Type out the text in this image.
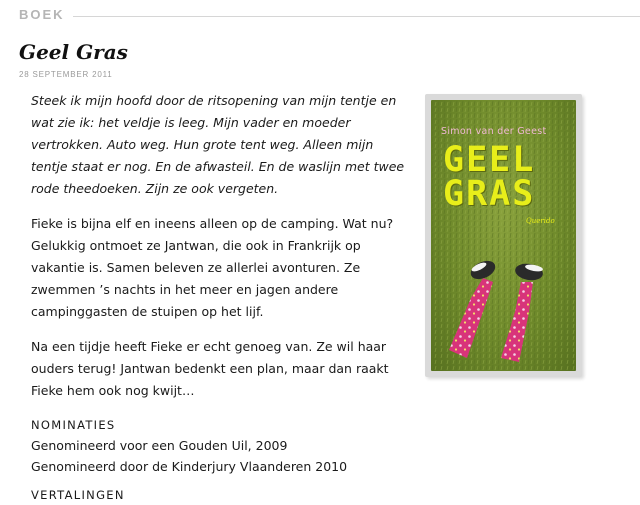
BOEK
Geel Gras
28 SEPTEMBER 2011

Steek ik mijn hoofd door de ritsopening van mijn tentje en wat zie ik: het veldje is leeg. Mijn vader en moeder vertrokken. Auto weg. Hun grote tent weg. Alleen mijn tentje staat er nog. En de afwasteil. En de waslijn met twee rode theedoeken. Zijn ze ook vergeten.

Fieke is bijna elf en ineens alleen op de camping. Wat nu? Gelukkig ontmoet ze Jantwan, die ook in Frankrijk op vakantie is. Samen beleven ze allerlei avonturen. Ze zwemmen ’s nachts in het meer en jagen andere campinggasten de stuipen op het lijf.

Na een tijdje heeft Fieke er echt genoeg van. Ze wil haar ouders terug! Jantwan bedenkt een plan, maar dan raakt Fieke hem ook nog kwijt…

NOMINATIES
Genomineerd voor een Gouden Uil, 2009
Genomineerd door de Kinderjury Vlaanderen 2010
VERTALINGEN
Simon van der Geest
GEEL
GRAS
Querido
